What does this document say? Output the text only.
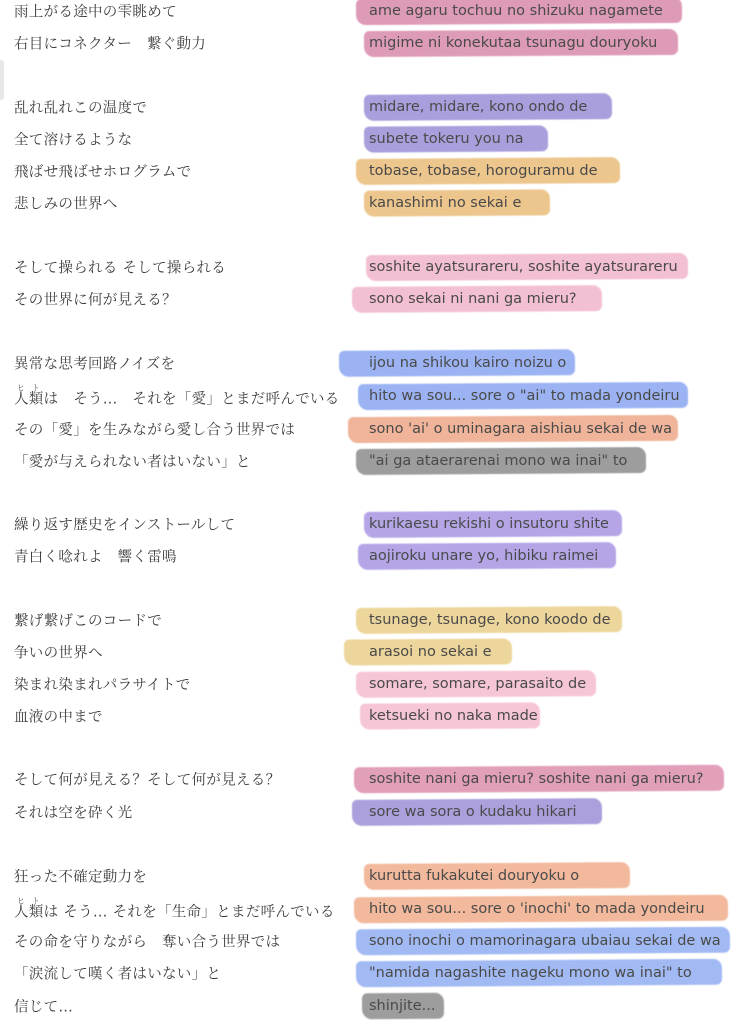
雨上がる途中の雫眺めて	ame agaru tochuu no shizuku nagamete
右目にコネクター　繋ぐ動力	migime ni konekutaa tsunagu douryoku
乱れ乱れこの温度で	midare, midare, kono ondo de
全て溶けるような	subete tokeru you na
飛ばせ飛ばせホログラムで	tobase, tobase, horoguramu de
悲しみの世界へ	kanashimi no sekai e
そして操られる そして操られる	soshite ayatsurareru, soshite ayatsurareru
その世界に何が見える？	sono sekai ni nani ga mieru?
異常な思考回路ノイズを	ijou na shikou kairo noizu o
人類ヒトは　そう…　それを「愛」とまだ呼んでいる hito wa sou... sore o "ai" to mada yondeiru
その「愛」を生みながら愛し合う世界では	sono 'ai' o uminagara aishiau sekai de wa
「愛が与えられない者はいない」と	"ai ga ataerarenai mono wa inai" to
繰り返す歴史をインストールして	kurikaesu rekishi o insutoru shite
青白く唸れよ　響く雷鳴	aojiroku unare yo, hibiku raimei
繋げ繋げこのコードで	tsunage, tsunage, kono koodo de
争いの世界へ	arasoi no sekai e
染まれ染まれパラサイトで	somare, somare, parasaito de
血液の中まで	ketsueki no naka made
そして何が見える？そして何が見える？	soshite nani ga mieru? soshite nani ga mieru?
それは空を砕く光	sore wa sora o kudaku hikari
狂った不確定動力を	kurutta fukakutei douryoku o
人類ヒトは そう… それを「生命」とまだ呼んでいる hito wa sou... sore o 'inochi' to mada yondeiru
その命を守りながら　奪い合う世界では	sono inochi o mamorinagara ubaiau sekai de wa
「涙流して嘆く者はいない」と	"namida nagashite nageku mono wa inai" to
信じて…	shinjite...
